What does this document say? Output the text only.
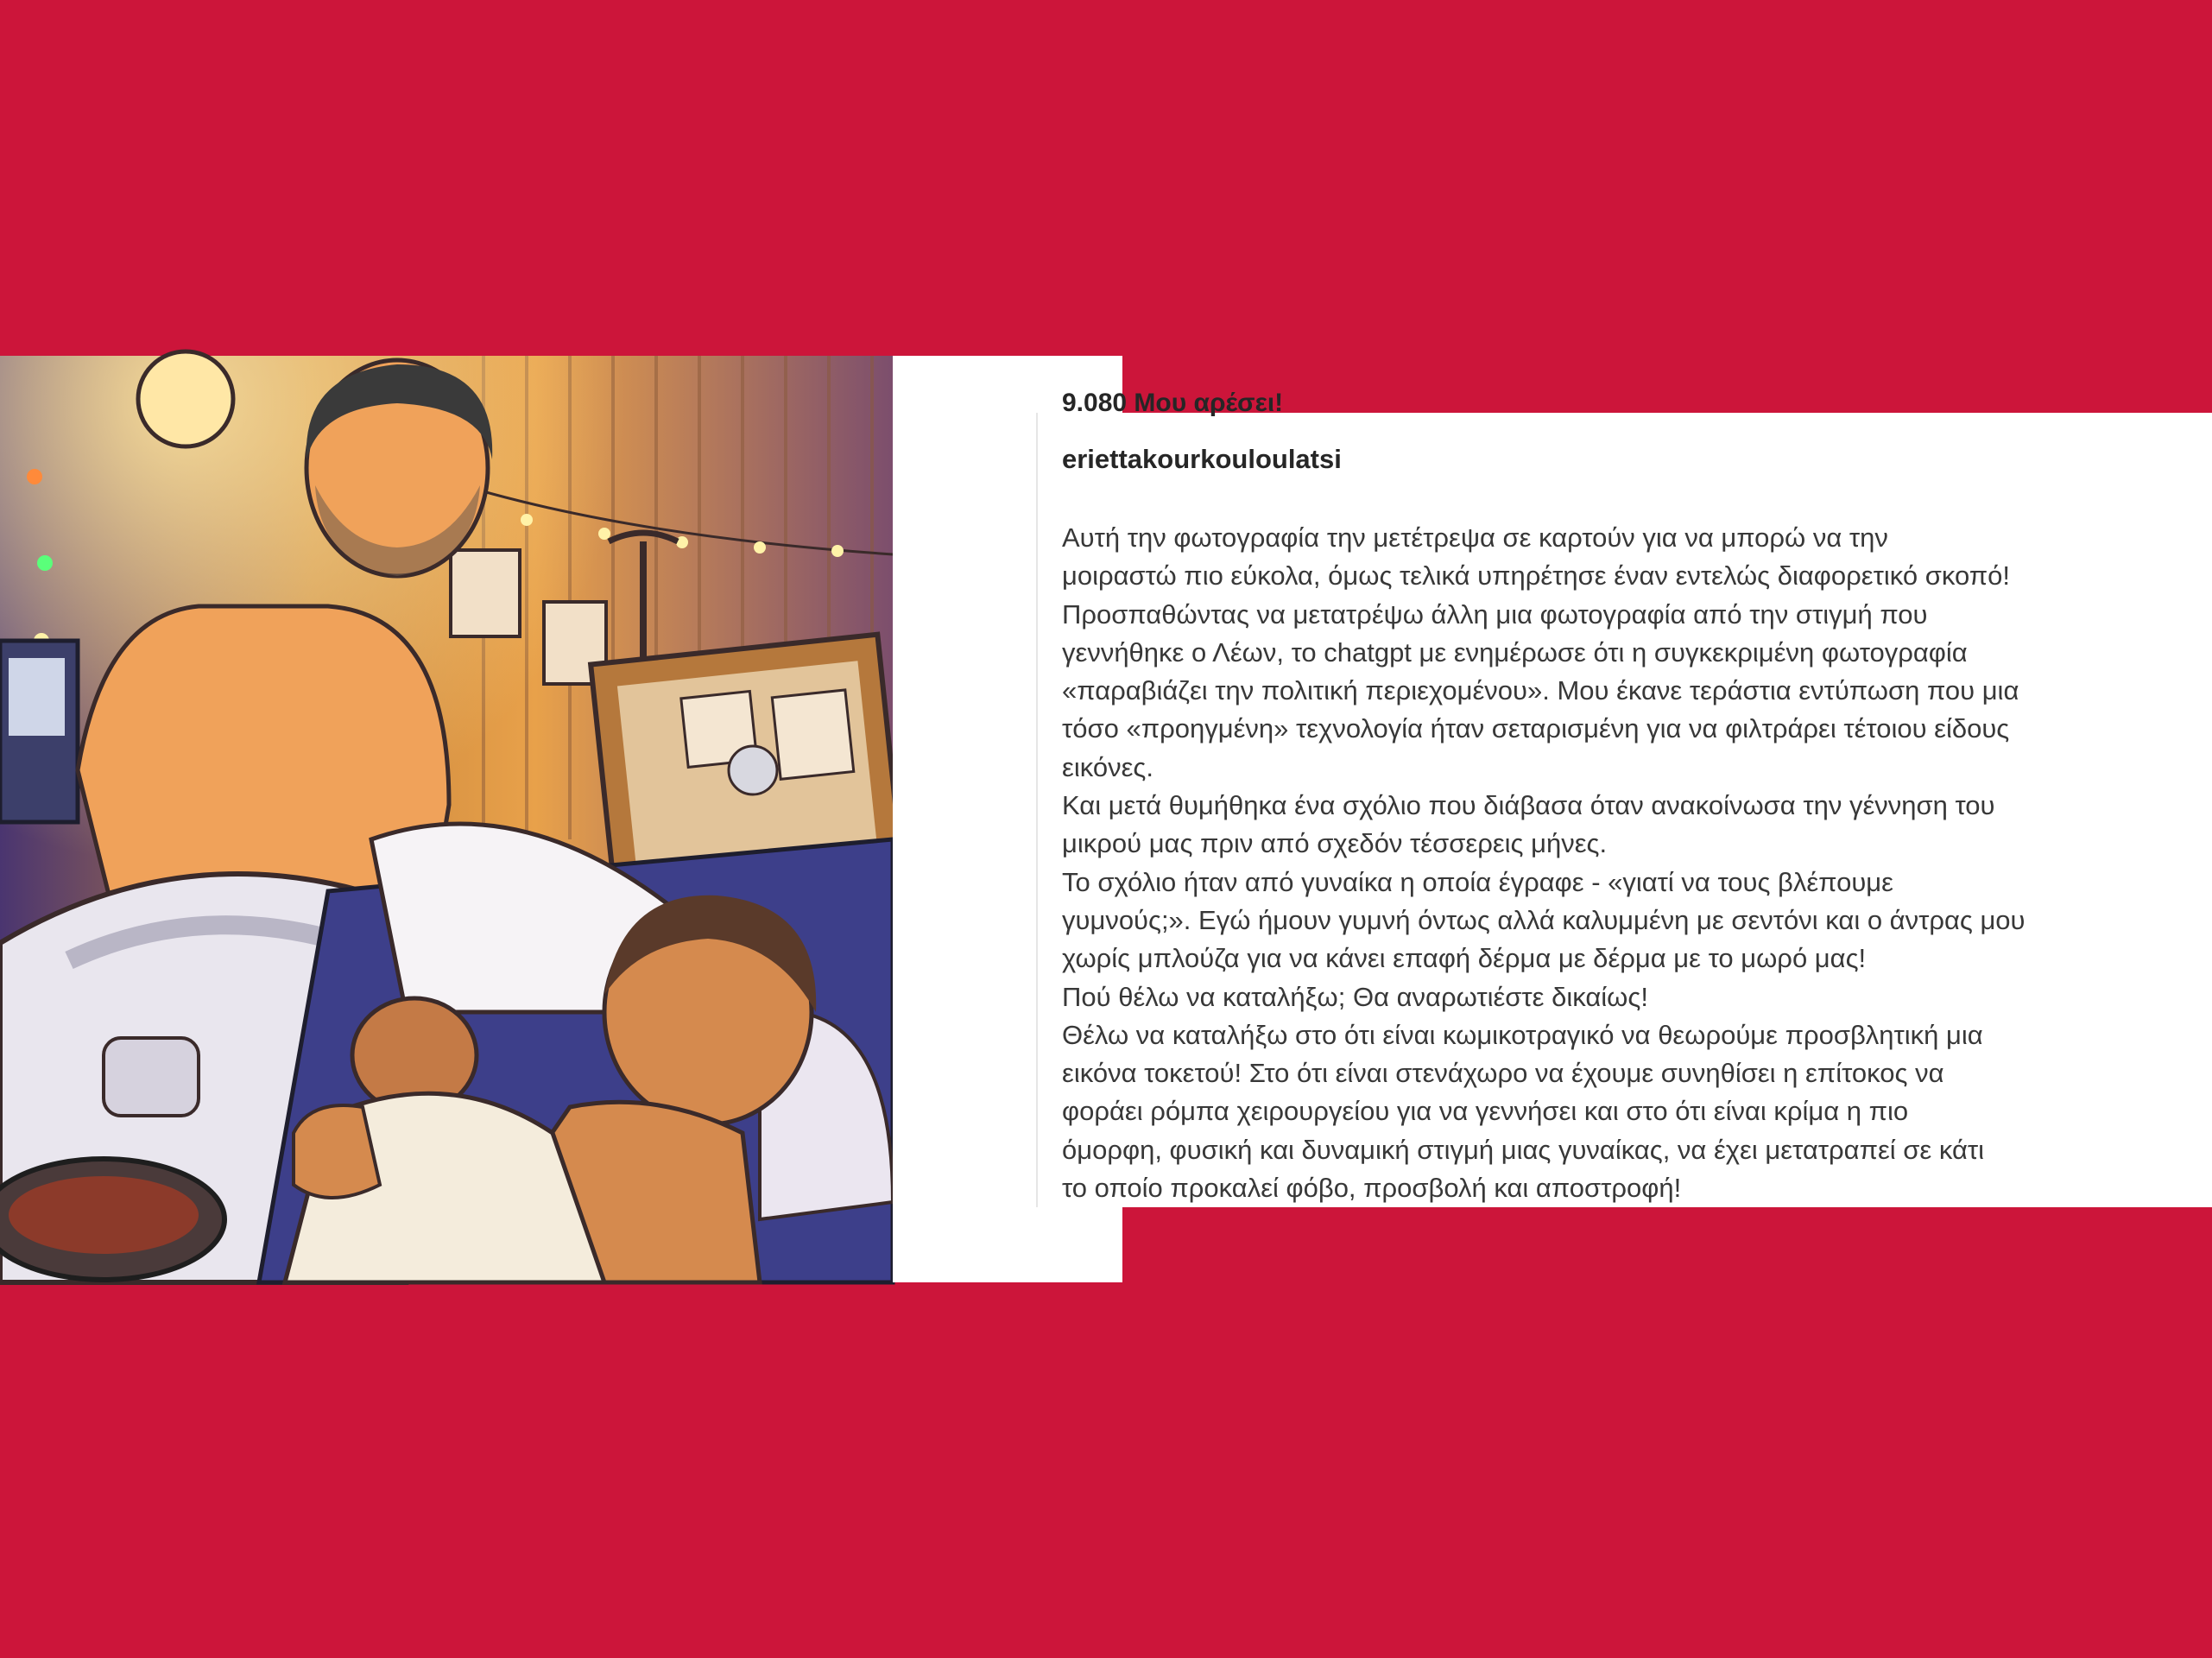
9.080 Μου αρέσει!
eriettakourkouloulatsi
Αυτή την φωτογραφία την μετέτρεψα σε καρτούν για να μπορώ να την
μοιραστώ πιο εύκολα, όμως τελικά υπηρέτησε έναν εντελώς διαφορετικό σκοπό!
Προσπαθώντας να μετατρέψω άλλη μια φωτογραφία από την στιγμή που
γεννήθηκε ο Λέων, το chatgpt με ενημέρωσε ότι η συγκεκριμένη φωτογραφία
«παραβιάζει την πολιτική περιεχομένου». Μου έκανε τεράστια εντύπωση που μια
τόσο «προηγμένη» τεχνολογία ήταν σεταρισμένη για να φιλτράρει τέτοιου είδους
εικόνες.
Και μετά θυμήθηκα ένα σχόλιο που διάβασα όταν ανακοίνωσα την γέννηση του
μικρού μας πριν από σχεδόν τέσσερεις μήνες.
Το σχόλιο ήταν από γυναίκα η οποία έγραφε - «γιατί να τους βλέπουμε
γυμνούς;». Εγώ ήμουν γυμνή όντως αλλά καλυμμένη με σεντόνι και ο άντρας μου
χωρίς μπλούζα για να κάνει επαφή δέρμα με δέρμα με το μωρό μας!
Πού θέλω να καταλήξω; Θα αναρωτιέστε δικαίως!
Θέλω να καταλήξω στο ότι είναι κωμικοτραγικό να θεωρούμε προσβλητική μια
εικόνα τοκετού! Στο ότι είναι στενάχωρο να έχουμε συνηθίσει η επίτοκος να
φοράει ρόμπα χειρουργείου για να γεννήσει και στο ότι είναι κρίμα η πιο
όμορφη, φυσική και δυναμική στιγμή μιας γυναίκας, να έχει μετατραπεί σε κάτι
το οποίο προκαλεί φόβο, προσβολή και αποστροφή!
